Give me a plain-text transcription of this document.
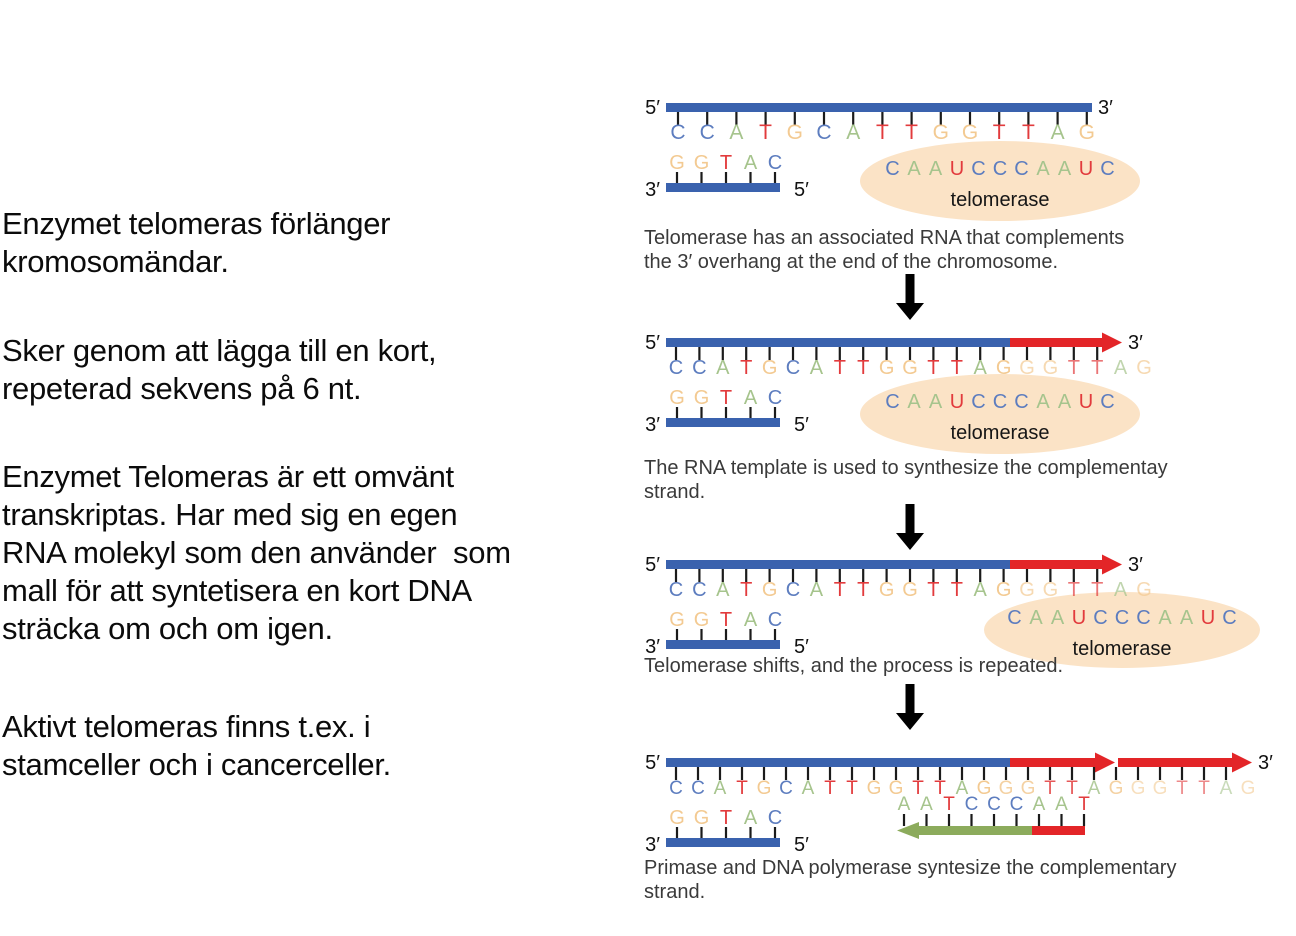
Enzymet telomeras förlänger
kromosomändar.
Sker genom att lägga till en kort,
repeterad sekvens på 6 nt.
Enzymet Telomeras är ett omvänt
transkriptas. Har med sig en egen
RNA molekyl som den använder  som
mall för att syntetisera en kort DNA
sträcka om och om igen.
Aktivt telomeras finns t.ex. i
stamceller och i cancerceller.
C A A U C C C A A U C
telomerase
5′	3′
C C A T G C A T T G G T T A G
3′
G G T A C
5′
Telomerase has an associated RNA that complements
the 3′ overhang at the end of the chromosome.
C A A U C C C A A U C
telomerase
5′	3′
C C A T G C A T T G G T T A G G G T T A G
3′
G G T A C
5′
The RNA template is used to synthesize the complementay
strand.
C A A U C C C A A U C
telomerase
5′	3′
C C A T G C A T T G G T T A G G G T T A G
3′
G G T A C
5′
Telomerase shifts, and the process is repeated.
5′	3′
C C A T G C A T T G G T T A G G G T T A G G G T T A G
3′
G G T A C
5′
A A T C C C A A T
Primase and DNA polymerase syntesize the complementary
strand.
